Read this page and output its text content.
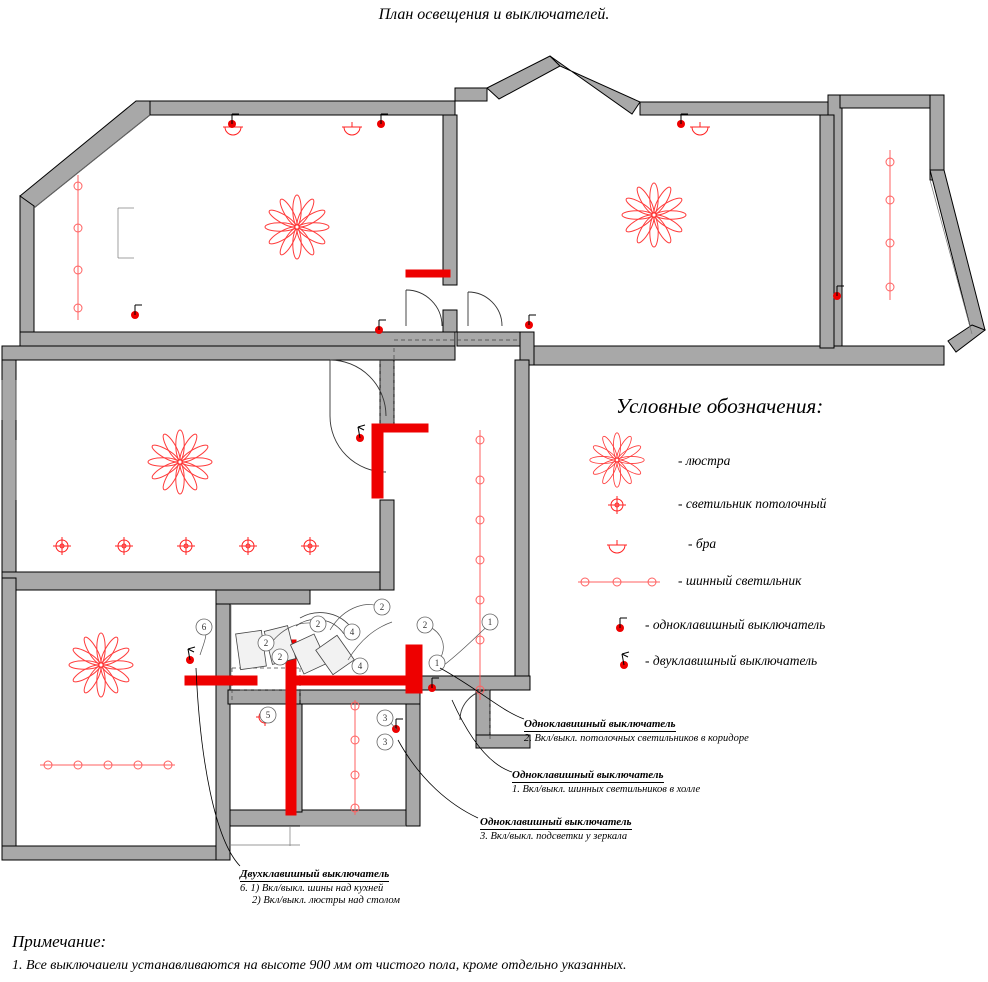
План освещения и выключателей.
2
2
2
2
2
4
4
1
1
6
5	3
3
Условные обозначения:
- люстра
- светильник потолочный
- бра
- шинный светильник
- одноклавишный выключатель
- двуклавишный выключатель
Одноклавишный выключатель
2. Вкл/выкл. потолочных светильников в коридоре
Одноклавишный выключатель
1. Вкл/выкл. шинных светильников в холле
Одноклавишный выключатель
3. Вкл/выкл. подсветки у зеркала
Двухклавишный выключатель
6. 1) Вкл/выкл. шины над кухней
2) Вкл/выкл. люстры над столом
Примечание:
1. Все выключаиели устанавливаются на высоте 900 мм от чистого пола, кроме отдельно указанных.
